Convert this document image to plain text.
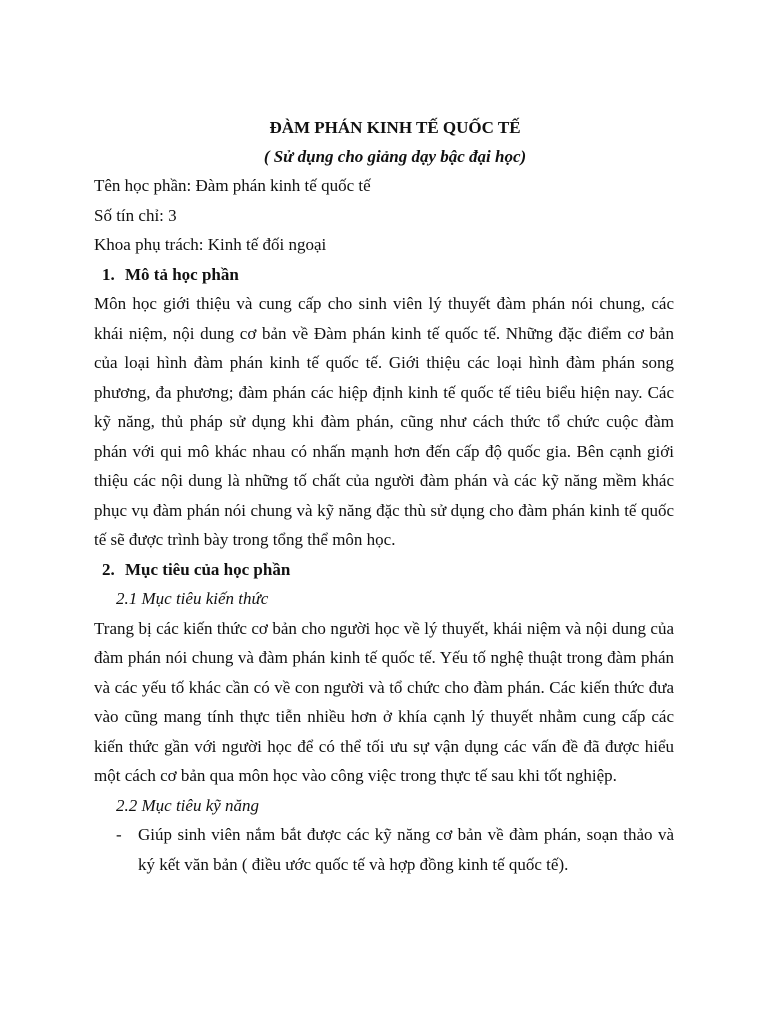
ĐÀM PHÁN KINH TẾ QUỐC TẾ
( Sử dụng cho giảng dạy bậc đại học)
Tên học phần: Đàm phán kinh tế quốc tế
Số tín chỉ: 3
Khoa phụ trách: Kinh tế đối ngoại
1. Mô tả học phần
Môn học giới thiệu và cung cấp cho sinh viên lý thuyết đàm phán nói chung, các khái niệm, nội dung cơ bản về Đàm phán kinh tế quốc tế. Những đặc điểm cơ bản của loại hình đàm phán kinh tế quốc tế. Giới thiệu các loại hình đàm phán song phương, đa phương; đàm phán các hiệp định kinh tế quốc tế tiêu biểu hiện nay. Các kỹ năng, thủ pháp sử dụng khi đàm phán, cũng như cách thức tổ chức cuộc đàm phán với qui mô khác nhau có nhấn mạnh hơn đến cấp độ quốc gia. Bên cạnh giới thiệu các nội dung là những tố chất của người đàm phán và các kỹ năng mềm khác phục vụ đàm phán nói chung và kỹ năng đặc thù sử dụng cho đàm phán kinh tế quốc tế sẽ được trình bày trong tổng thể môn học.
2. Mục tiêu của học phần
2.1 Mục tiêu kiến thức
Trang bị các kiến thức cơ bản cho người học về lý thuyết, khái niệm và nội dung của đàm phán nói chung và đàm phán kinh tế quốc tế. Yếu tố nghệ thuật trong đàm phán và các yếu tố khác cần có về con người và tổ chức cho đàm phán. Các kiến thức đưa vào cũng mang tính thực tiễn nhiều hơn ở khía cạnh lý thuyết nhằm cung cấp các kiến thức gần với người học để có thể tối ưu sự vận dụng các vấn đề đã được hiểu một cách cơ bản qua môn học vào công việc trong thực tế sau khi tốt nghiệp.
2.2 Mục tiêu kỹ năng
- Giúp sinh viên nắm bắt được các kỹ năng cơ bản về đàm phán, soạn thảo và ký kết văn bản ( điều ước quốc tế và hợp đồng kinh tế quốc tế).
